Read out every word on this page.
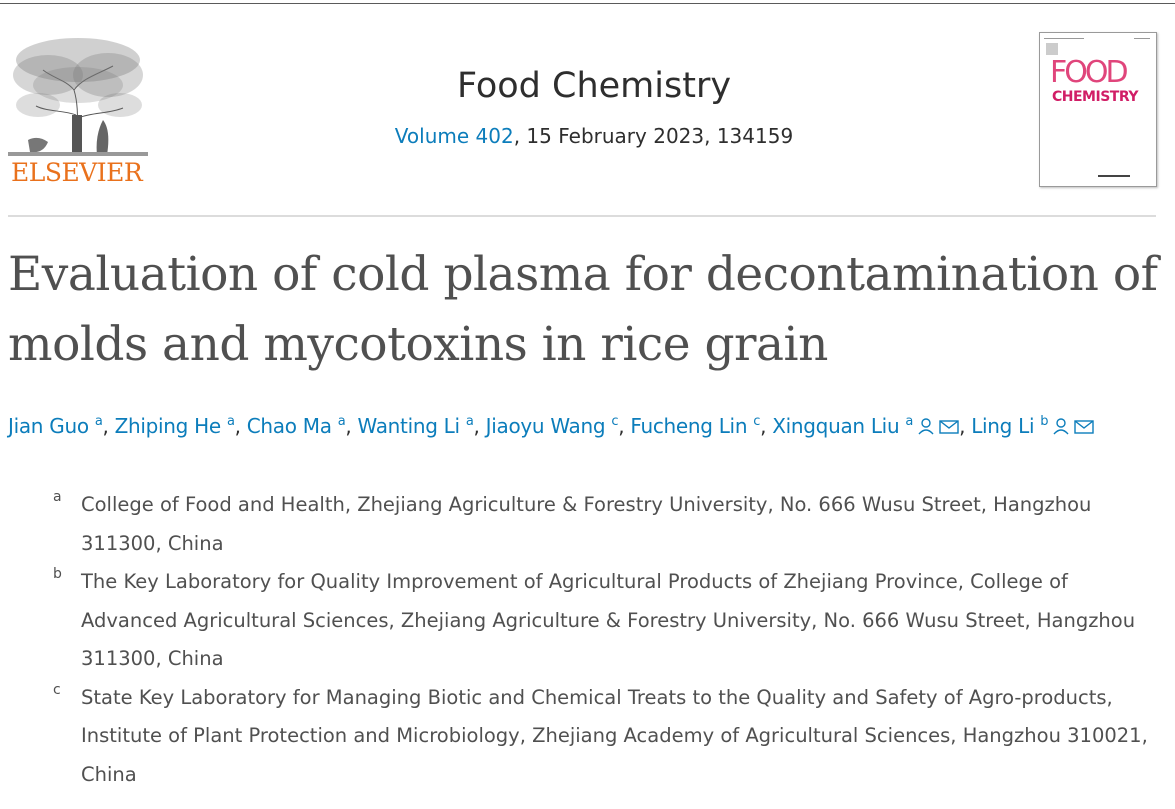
ELSEVIER
Food Chemistry
Volume 402, 15 February 2023, 134159
FOOD
CHEMISTRY
Evaluation of cold plasma for decontamination of molds and mycotoxins in rice grain
Jian Guo $^a$, Zhiping He $^a$, Chao Ma $^a$, Wanting Li $^a$, Jiaoyu Wang $^c$, Fucheng Lin $^c$, Xingquan Liu $^a$ , Ling Li $^b$
a College of Food and Health, Zhejiang Agriculture & Forestry University, No. 666 Wusu Street, Hangzhou 311300, China
b The Key Laboratory for Quality Improvement of Agricultural Products of Zhejiang Province, College of Advanced Agricultural Sciences, Zhejiang Agriculture & Forestry University, No. 666 Wusu Street, Hangzhou 311300, China
c State Key Laboratory for Managing Biotic and Chemical Treats to the Quality and Safety of Agro-products, Institute of Plant Protection and Microbiology, Zhejiang Academy of Agricultural Sciences, Hangzhou 310021, China
